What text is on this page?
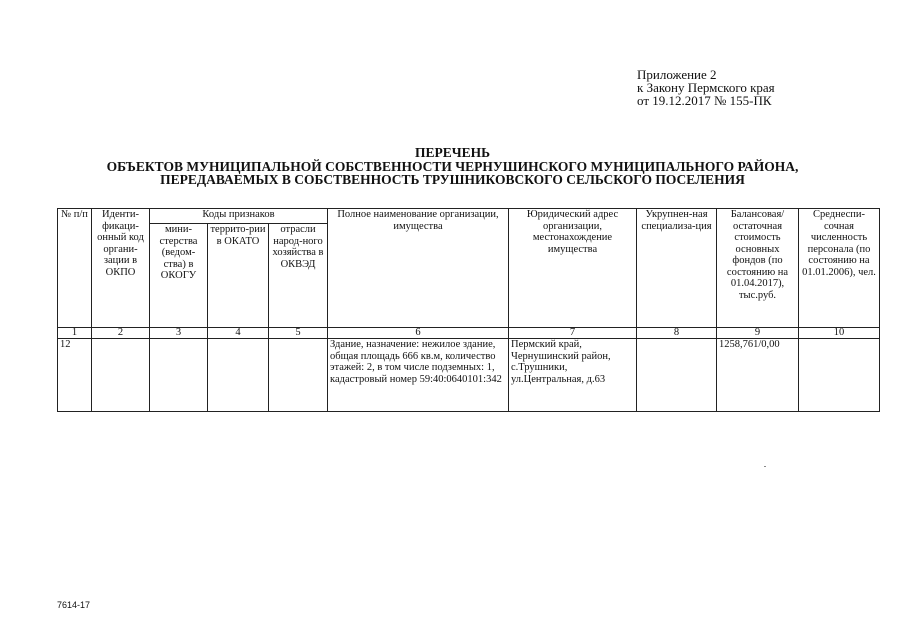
Приложение 2
к Закону Пермского края
от 19.12.2017 № 155-ПК
ПЕРЕЧЕНЬ
ОБЪЕКТОВ МУНИЦИПАЛЬНОЙ СОБСТВЕННОСТИ ЧЕРНУШИНСКОГО МУНИЦИПАЛЬНОГО РАЙОНА,
ПЕРЕДАВАЕМЫХ В СОБСТВЕННОСТЬ ТРУШНИКОВСКОГО СЕЛЬСКОГО ПОСЕЛЕНИЯ
№ п/п	Иденти-фикаци-онный код органи-зации в ОКПО	Коды признаков			Полное наименование организации, имущества	Юридический адрес организации, местонахождение имущества	Укрупнен-ная специализа-ция	Балансовая/ остаточная стоимость основных фондов (по состоянию на 01.04.2017), тыс.руб.	Среднеспи-сочная численность персонала (по состоянию на 01.01.2006), чел.
		мини-стерства (ведом-ства) в ОКОГУ	террито-рии в ОКАТО	отрасли народ-ного хозяйства в ОКВЭД					
1	2	3	4	5	6	7	8	9	10
12					Здание, назначение: нежилое здание, общая площадь 666 кв.м, количество этажей: 2, в том числе подземных: 1, кадастровый номер 59:40:0640101:342	Пермский край, Чернушинский район, с.Трушники, ул.Центральная, д.63		1258,761/0,00	
7614-17
